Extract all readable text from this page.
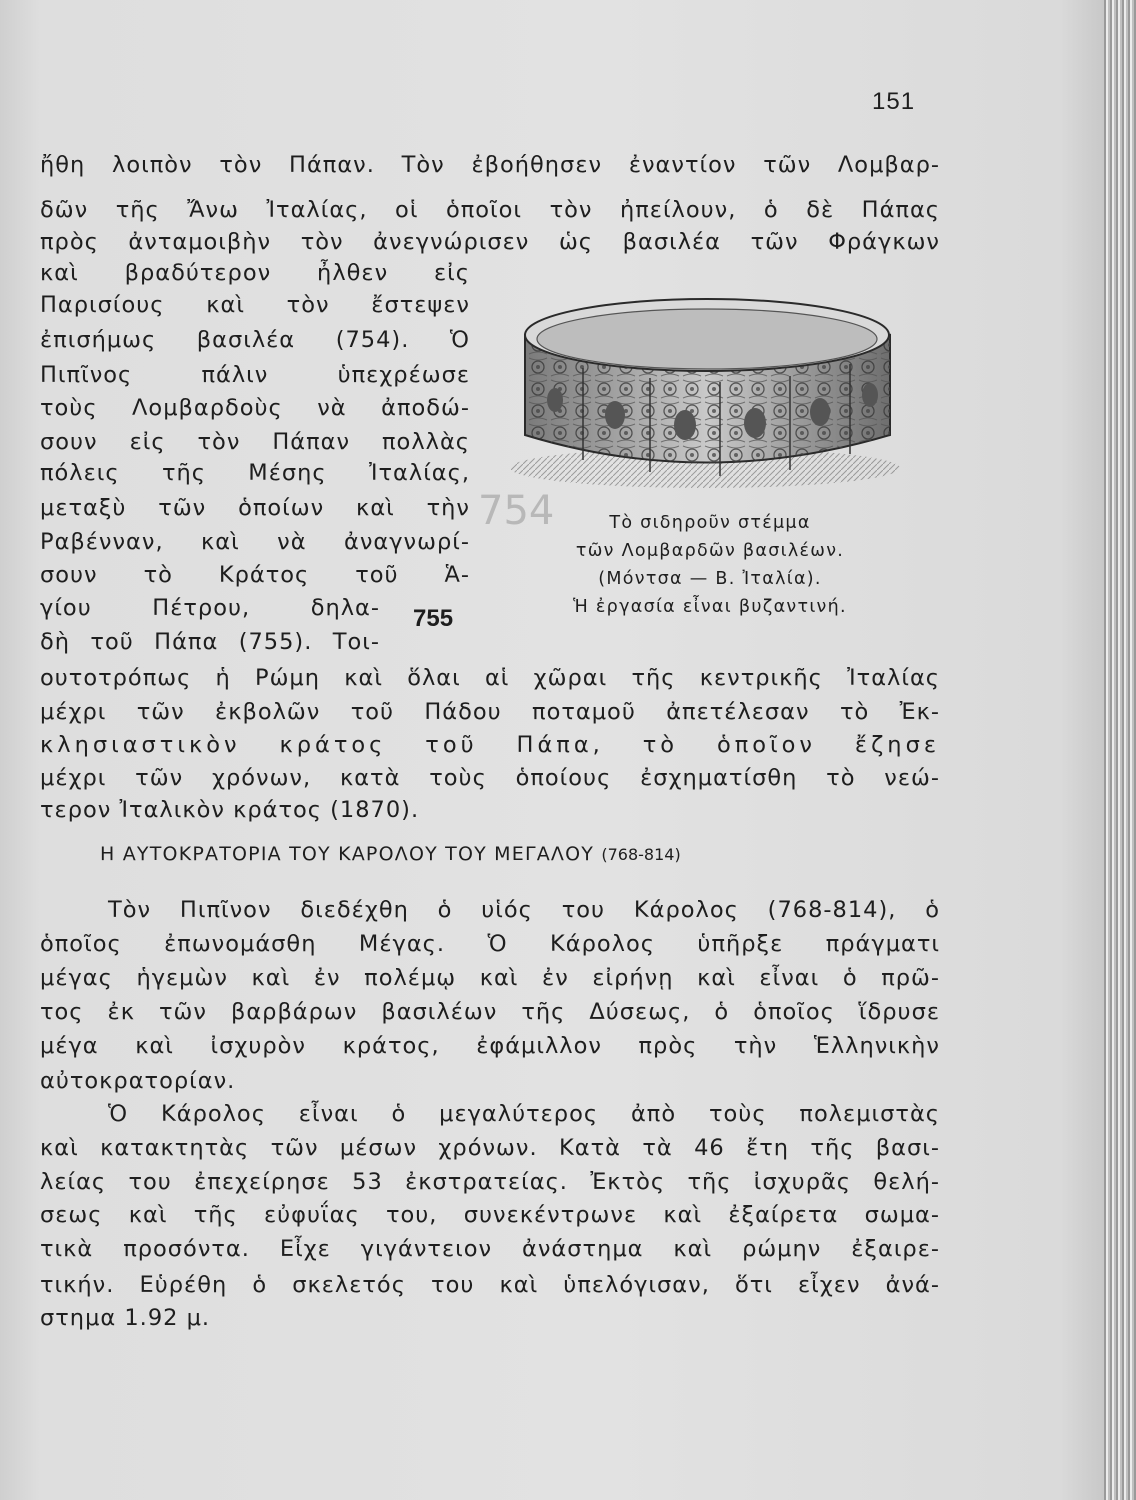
151

ἤθη λοιπὸν τὸν Πάπαν. Τὸν ἐβοήθησεν ἐναντίον τῶν Λομβαρ-

δῶν τῆς Ἄνω Ἰταλίας, οἱ ὁποῖοι τὸν ἠπείλουν, ὁ δὲ Πάπας

πρὸς ἀνταμοιβὴν τὸν ἀνεγνώρισεν ὡς βασιλέα τῶν Φράγκων

καὶ βραδύτερον ἦλθεν εἰς

Παρισίους καὶ τὸν ἔστεψεν

ἐπισήμως βασιλέα (754). Ὁ

Πιπῖνος πάλιν ὑπεχρέωσε

τοὺς Λομβαρδοὺς νὰ ἀποδώ-

σουν εἰς τὸν Πάπαν πολλὰς

πόλεις τῆς Μέσης Ἰταλίας,

μεταξὺ τῶν ὁποίων καὶ τὴν

Ραβένναν, καὶ νὰ ἀναγνωρί-

σουν τὸ Κράτος τοῦ Ἁ-

γίου Πέτρου, δηλα-

δὴ τοῦ Πάπα (755). Τοι-

755
754	Τὸ σιδηροῦν στέμμα
τῶν Λομβαρδῶν βασιλέων.
(Μόντσα — Β. Ἰταλία).
Ἡ ἐργασία εἶναι βυζαντινή.

ουτοτρόπως ἡ Ρώμη καὶ ὅλαι αἱ χῶραι τῆς κεντρικῆς Ἰταλίας

μέχρι τῶν ἐκβολῶν τοῦ Πάδου ποταμοῦ ἀπετέλεσαν τὸ Ἐκ-

κλησιαστικὸν κράτος τοῦ Πάπα, τὸ ὁποῖον ἔζησε

μέχρι τῶν χρόνων, κατὰ τοὺς ὁποίους ἐσχηματίσθη τὸ νεώ-

τερον Ἰταλικὸν κράτος (1870).

Η ΑΥΤΟΚΡΑΤΟΡΙΑ ΤΟΥ ΚΑΡΟΛΟΥ ΤΟΥ ΜΕΓΑΛΟΥ (768-814)

Τὸν Πιπῖνον διεδέχθη ὁ υἱός του Κάρολος (768-814), ὁ

ὁποῖος ἐπωνομάσθη Μέγας. Ὁ Κάρολος ὑπῆρξε πράγματι

μέγας ἡγεμὼν καὶ ἐν πολέμῳ καὶ ἐν εἰρήνῃ καὶ εἶναι ὁ πρῶ-

τος ἐκ τῶν βαρβάρων βασιλέων τῆς Δύσεως, ὁ ὁποῖος ἵδρυσε

μέγα καὶ ἰσχυρὸν κράτος, ἐφάμιλλον πρὸς τὴν Ἑλληνικὴν

αὐτοκρατορίαν.

Ὁ Κάρολος εἶναι ὁ μεγαλύτερος ἀπὸ τοὺς πολεμιστὰς

καὶ κατακτητὰς τῶν μέσων χρόνων. Κατὰ τὰ 46 ἔτη τῆς βασι-

λείας του ἐπεχείρησε 53 ἐκστρατείας. Ἐκτὸς τῆς ἰσχυρᾶς θελή-

σεως καὶ τῆς εὐφυΐας του, συνεκέντρωνε καὶ ἐξαίρετα σωμα-

τικὰ προσόντα. Εἶχε γιγάντειον ἀνάστημα καὶ ρώμην ἐξαιρε-

τικήν. Εὑρέθη ὁ σκελετός του καὶ ὑπελόγισαν, ὅτι εἶχεν ἀνά-

στημα 1.92 μ.
